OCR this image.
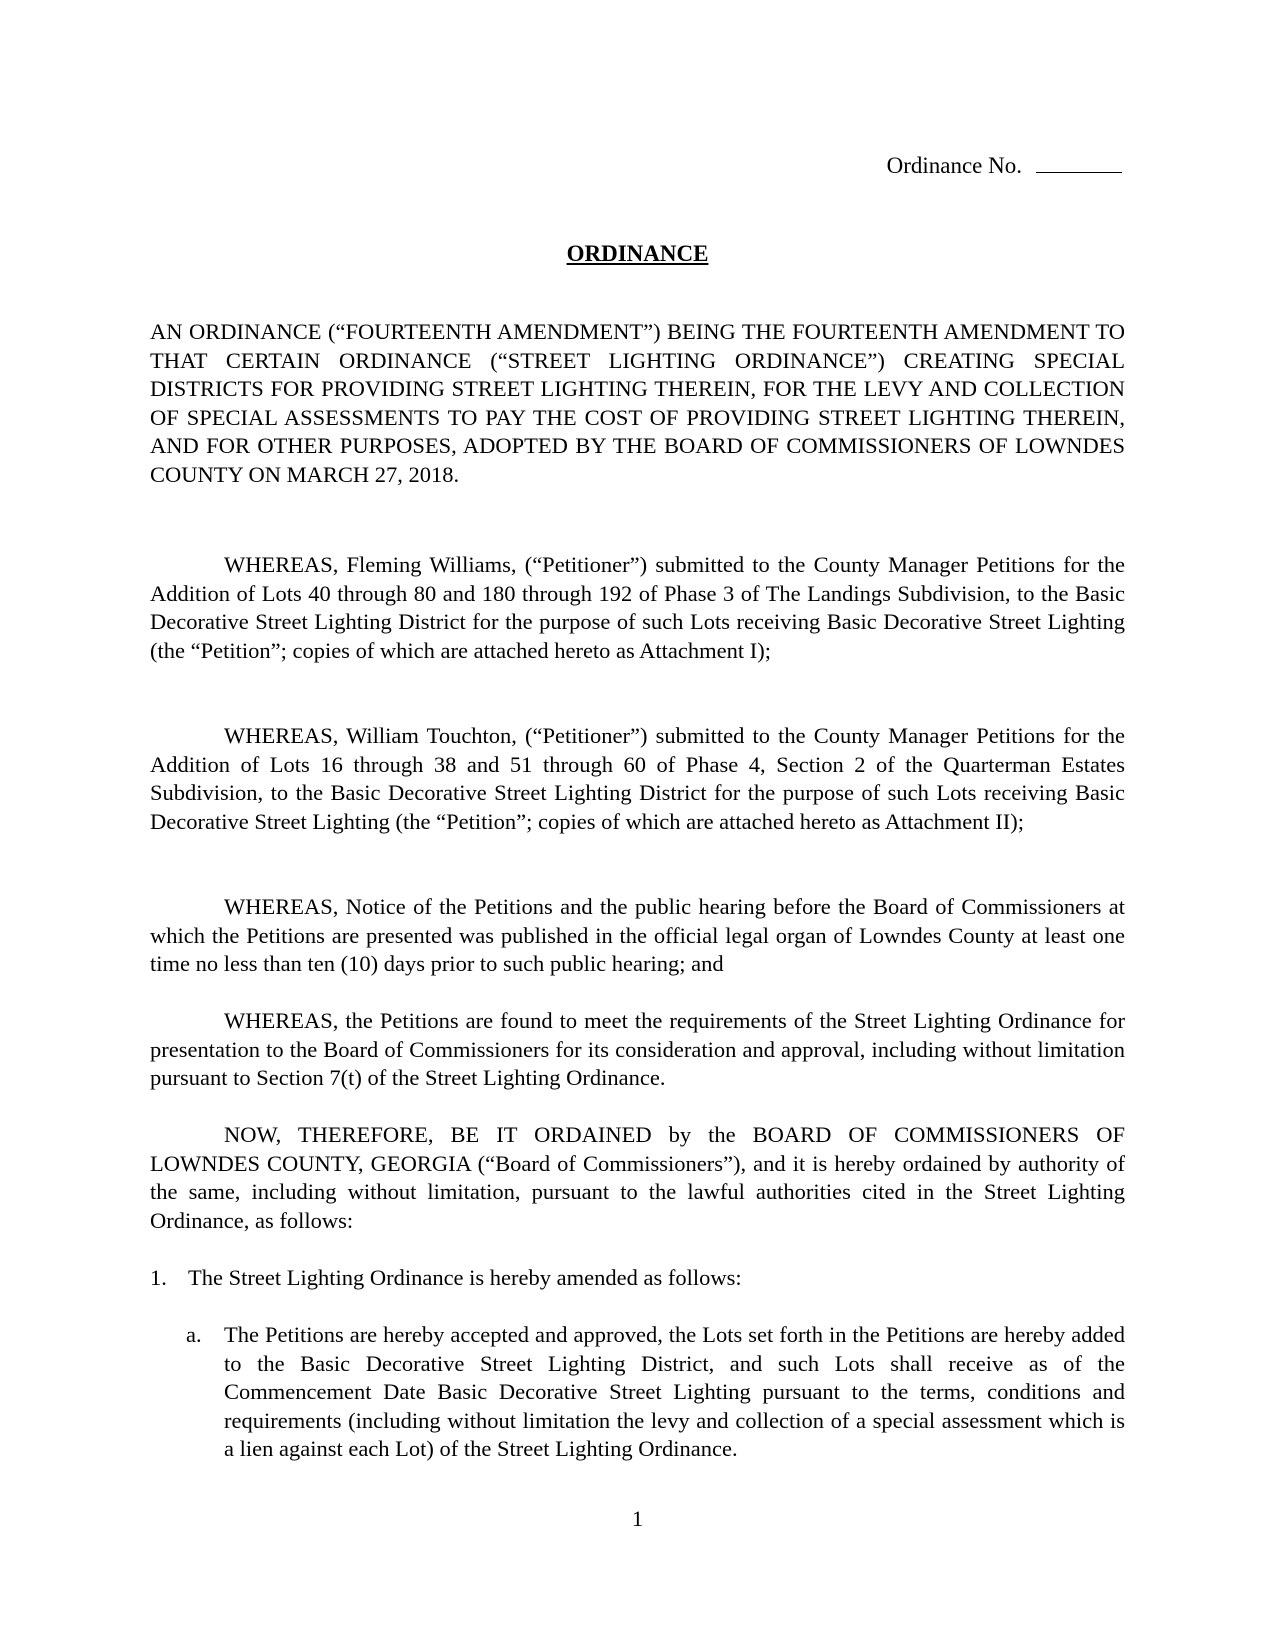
Ordinance No.
ORDINANCE
AN ORDINANCE (“FOURTEENTH AMENDMENT”) BEING THE FOURTEENTH AMENDMENT TO THAT CERTAIN ORDINANCE (“STREET LIGHTING ORDINANCE”) CREATING SPECIAL DISTRICTS FOR PROVIDING STREET LIGHTING THEREIN, FOR THE LEVY AND COLLECTION OF SPECIAL ASSESSMENTS TO PAY THE COST OF PROVIDING STREET LIGHTING THEREIN, AND FOR OTHER PURPOSES, ADOPTED BY THE BOARD OF COMMISSIONERS OF LOWNDES COUNTY ON MARCH 27, 2018.
WHEREAS, Fleming Williams, (“Petitioner”) submitted to the County Manager Petitions for the Addition of Lots 40 through 80 and 180 through 192 of Phase 3 of The Landings Subdivision, to the Basic Decorative Street Lighting District for the purpose of such Lots receiving Basic Decorative Street Lighting (the “Petition”; copies of which are attached hereto as Attachment I);
WHEREAS, William Touchton, (“Petitioner”) submitted to the County Manager Petitions for the Addition of Lots 16 through 38 and 51 through 60 of Phase 4, Section 2 of the Quarterman Estates Subdivision, to the Basic Decorative Street Lighting District for the purpose of such Lots receiving Basic Decorative Street Lighting (the “Petition”; copies of which are attached hereto as Attachment II);
WHEREAS, Notice of the Petitions and the public hearing before the Board of Commissioners at which the Petitions are presented was published in the official legal organ of Lowndes County at least one time no less than ten (10) days prior to such public hearing; and
WHEREAS, the Petitions are found to meet the requirements of the Street Lighting Ordinance for presentation to the Board of Commissioners for its consideration and approval, including without limitation pursuant to Section 7(t) of the Street Lighting Ordinance.
NOW, THEREFORE, BE IT ORDAINED by the BOARD OF COMMISSIONERS OF LOWNDES COUNTY, GEORGIA (“Board of Commissioners”), and it is hereby ordained by authority of the same, including without limitation, pursuant to the lawful authorities cited in the Street Lighting Ordinance, as follows:
1. The Street Lighting Ordinance is hereby amended as follows:
a. The Petitions are hereby accepted and approved, the Lots set forth in the Petitions are hereby added to the Basic Decorative Street Lighting District, and such Lots shall receive as of the Commencement Date Basic Decorative Street Lighting pursuant to the terms, conditions and requirements (including without limitation the levy and collection of a special assessment which is a lien against each Lot) of the Street Lighting Ordinance.
1
